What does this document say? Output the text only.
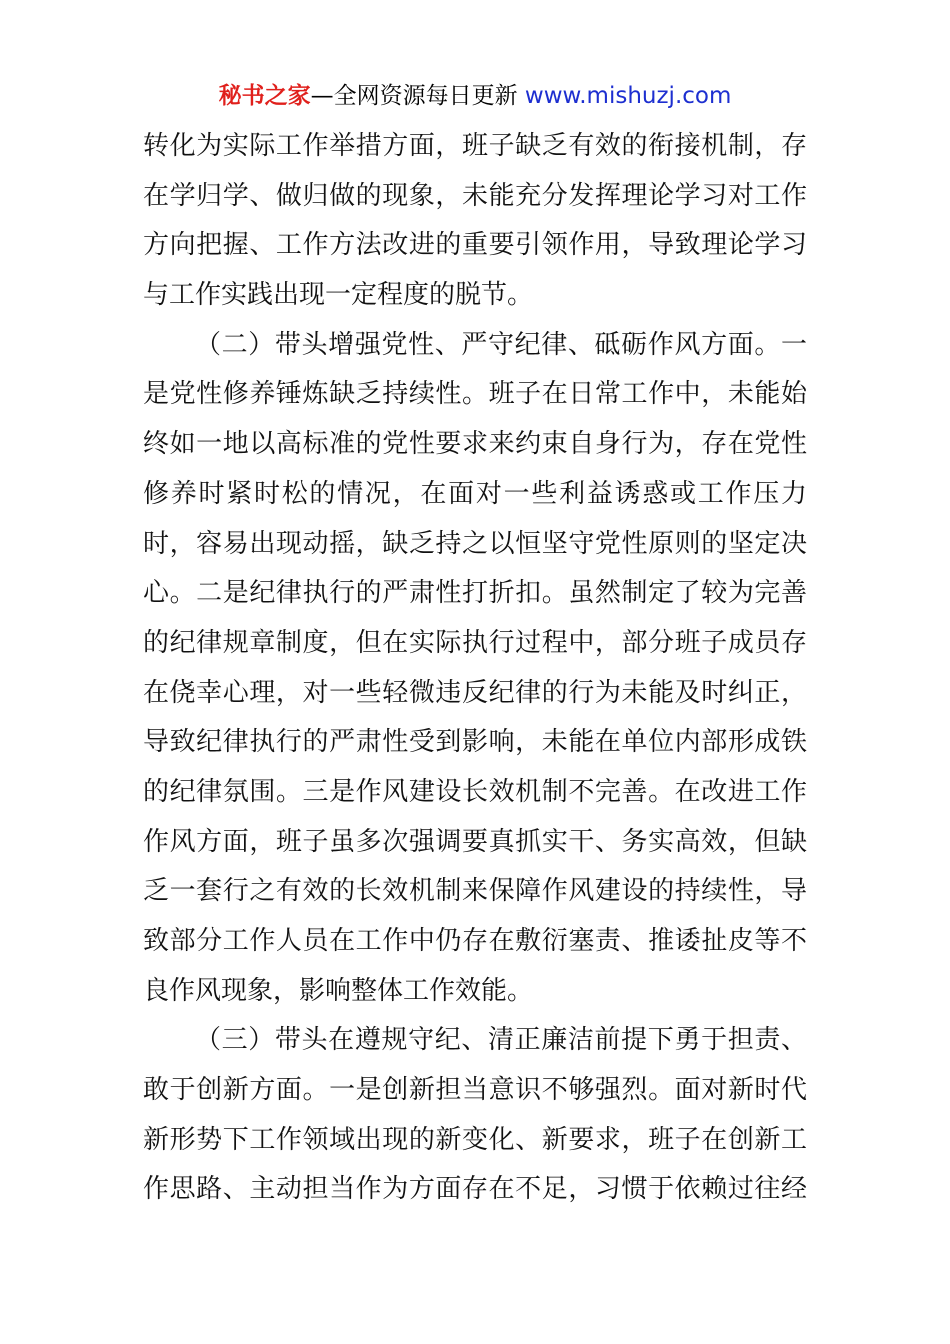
秘书之家—全网资源每日更新 www.mishuzj.com
转化为实际工作举措方面，班子缺乏有效的衔接机制，存
在学归学、做归做的现象，未能充分发挥理论学习对工作
方向把握、工作方法改进的重要引领作用，导致理论学习
与工作实践出现一定程度的脱节。
（二）带头增强党性、严守纪律、砥砺作风方面。一
是党性修养锤炼缺乏持续性。班子在日常工作中，未能始
终如一地以高标准的党性要求来约束自身行为，存在党性
修养时紧时松的情况，在面对一些利益诱惑或工作压力
时，容易出现动摇，缺乏持之以恒坚守党性原则的坚定决
心。二是纪律执行的严肃性打折扣。虽然制定了较为完善
的纪律规章制度，但在实际执行过程中，部分班子成员存
在侥幸心理，对一些轻微违反纪律的行为未能及时纠正，
导致纪律执行的严肃性受到影响，未能在单位内部形成铁
的纪律氛围。三是作风建设长效机制不完善。在改进工作
作风方面，班子虽多次强调要真抓实干、务实高效，但缺
乏一套行之有效的长效机制来保障作风建设的持续性，导
致部分工作人员在工作中仍存在敷衍塞责、推诿扯皮等不
良作风现象，影响整体工作效能。
（三）带头在遵规守纪、清正廉洁前提下勇于担责、
敢于创新方面。一是创新担当意识不够强烈。面对新时代
新形势下工作领域出现的新变化、新要求，班子在创新工
作思路、主动担当作为方面存在不足，习惯于依赖过往经
